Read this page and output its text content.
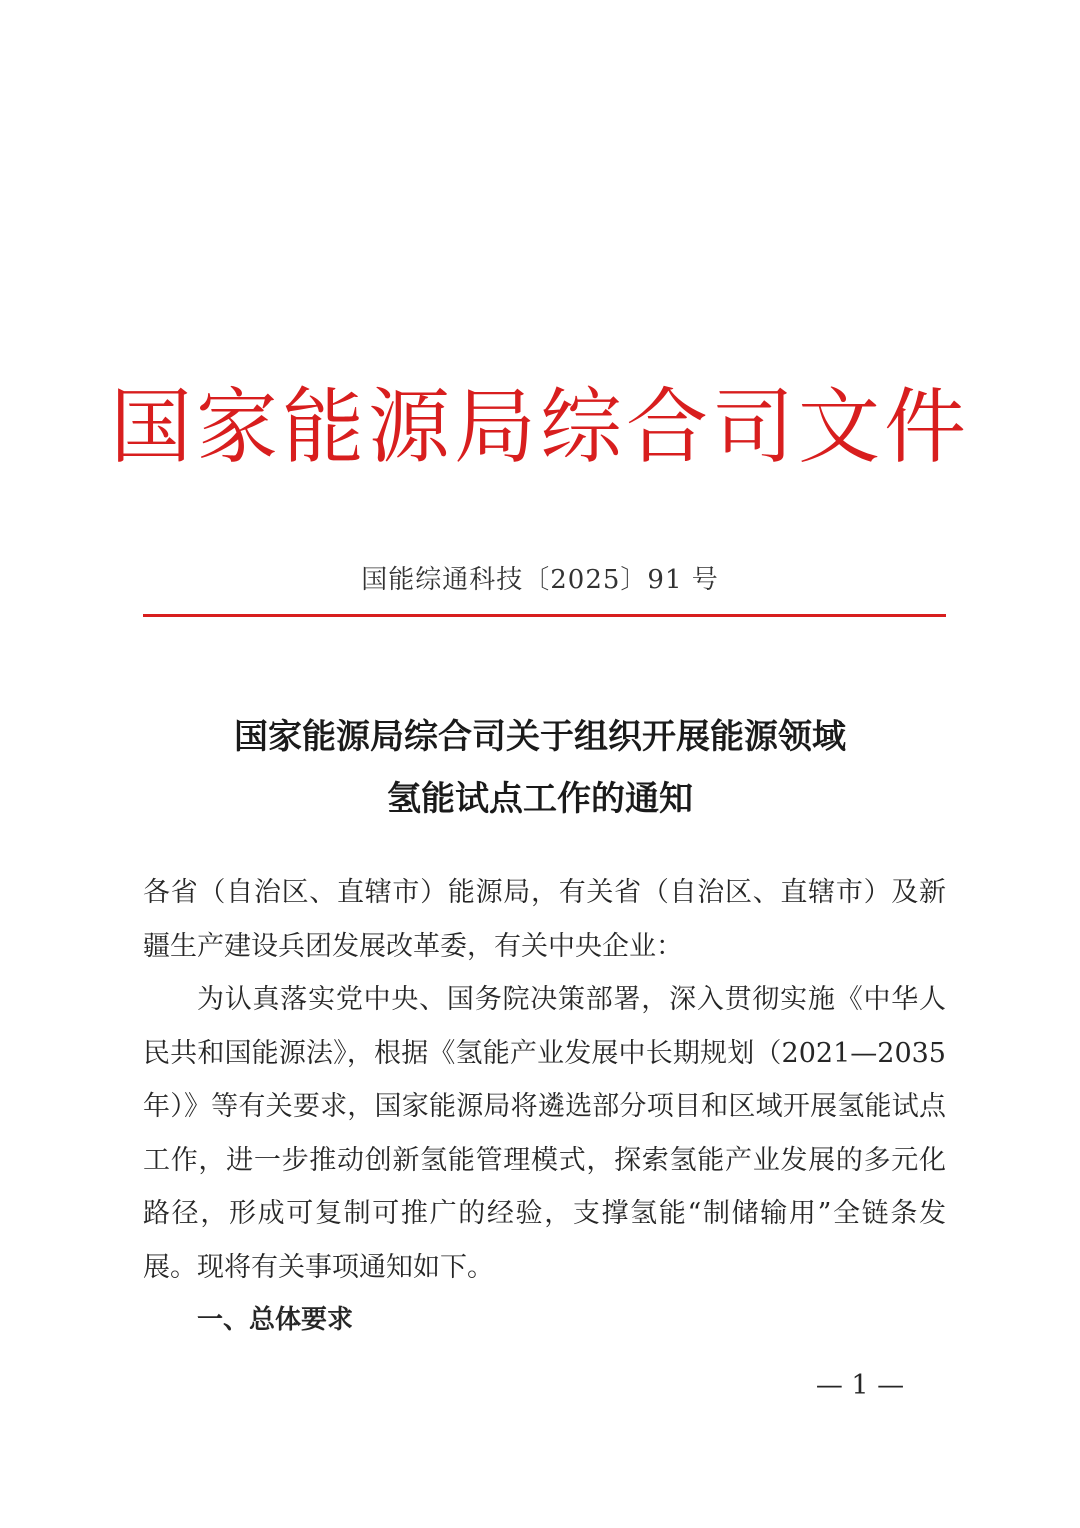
国家能源局综合司文件
国能综通科技〔2025〕91 号
国家能源局综合司关于组织开展能源领域
氢能试点工作的通知

各省（自治区、直辖市）能源局，有关省（自治区、直辖市）及新疆生产建设兵团发展改革委，有关中央企业：

为认真落实党中央、国务院决策部署，深入贯彻实施《中华人民共和国能源法》，根据《氢能产业发展中长期规划（2021—2035年）》等有关要求，国家能源局将遴选部分项目和区域开展氢能试点工作，进一步推动创新氢能管理模式，探索氢能产业发展的多元化路径，形成可复制可推广的经验，支撑氢能“制储输用”全链条发展。现将有关事项通知如下。

一、总体要求

— 1 —
